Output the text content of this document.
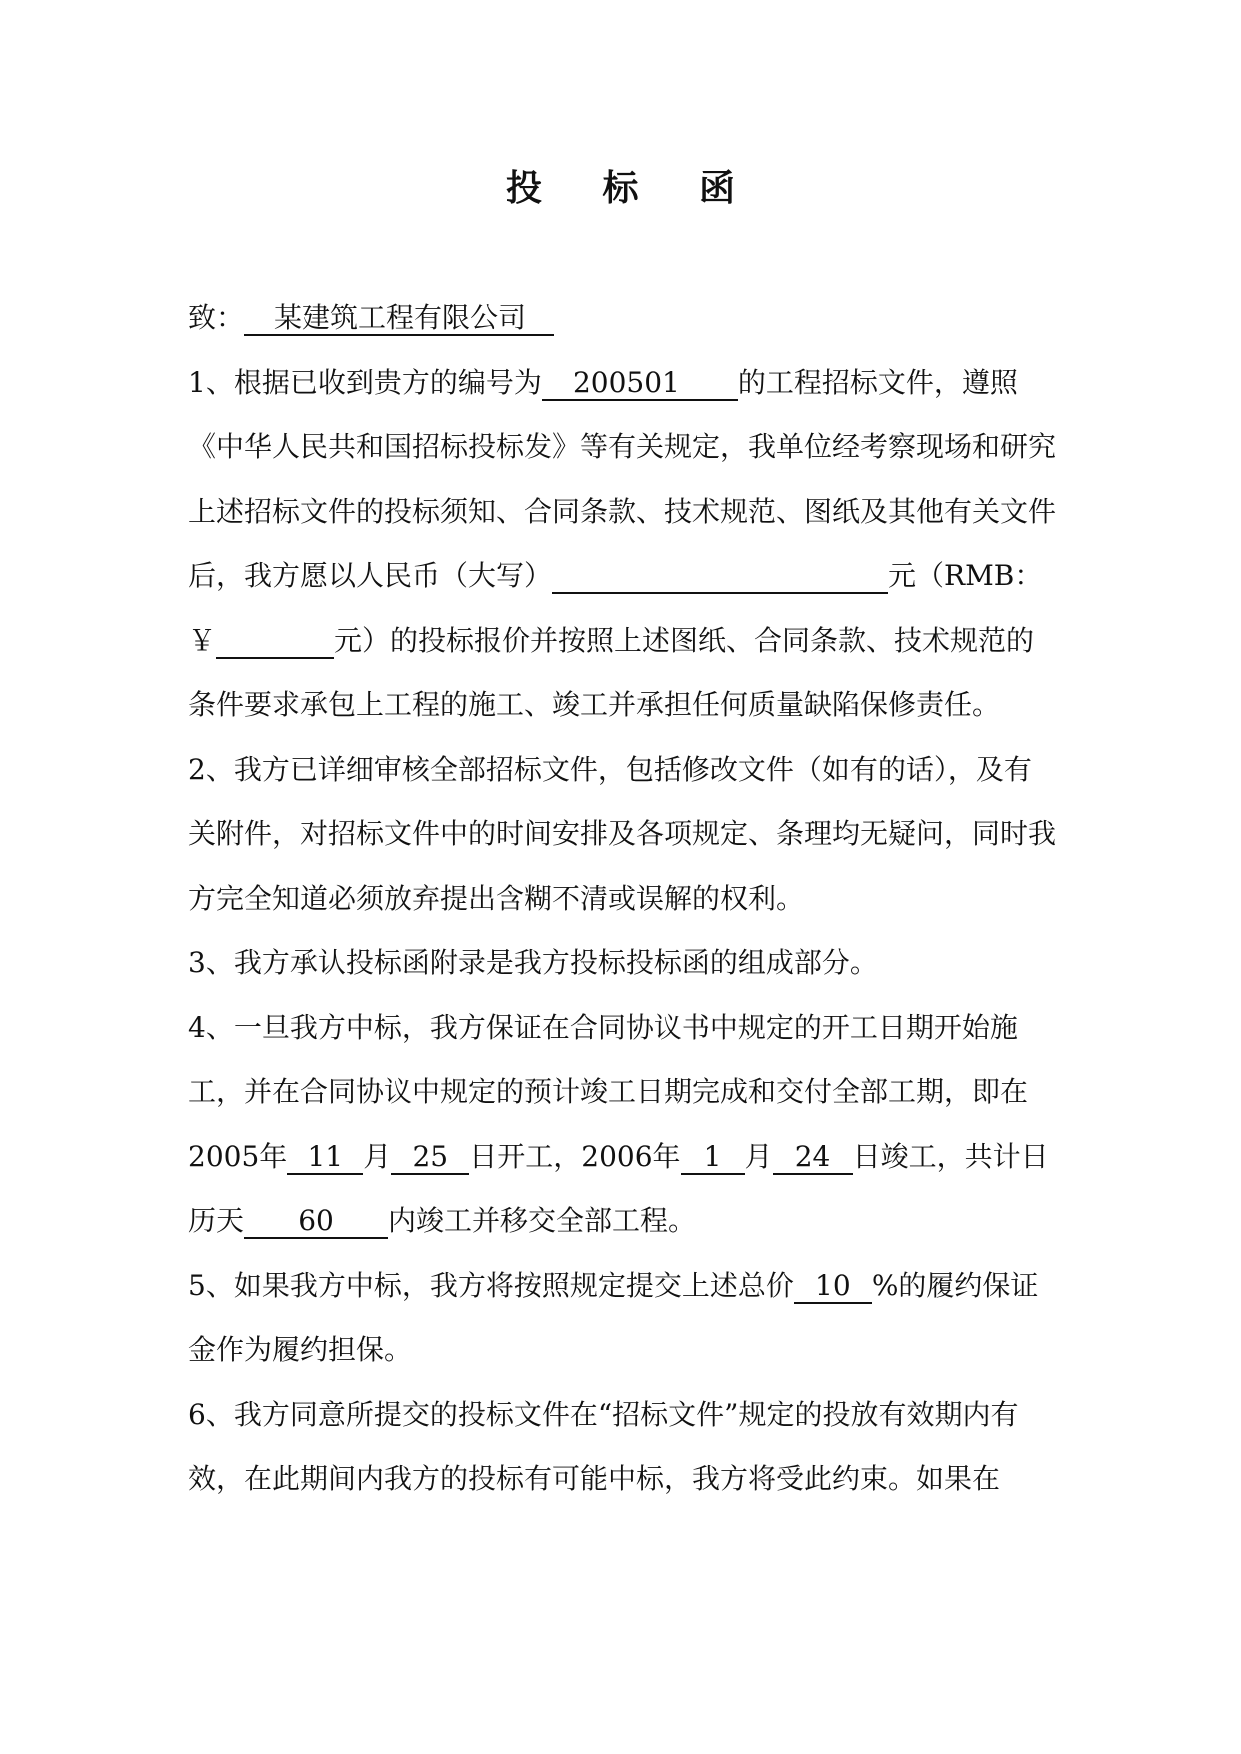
投 标 函

致： 某建筑工程有限公司

1、根据已收到贵方的编号为 200501 的工程招标文件，遵照《中华人民共和国招标投标发》等有关规定，我单位经考察现场和研究上述招标文件的投标须知、合同条款、技术规范、图纸及其他有关文件后，我方愿以人民币（大写）	元（RMB：￥	元）的投标报价并按照上述图纸、合同条款、技术规范的条件要求承包上工程的施工、竣工并承担任何质量缺陷保修责任。

2、我方已详细审核全部招标文件，包括修改文件（如有的话），及有关附件，对招标文件中的时间安排及各项规定、条理均无疑问，同时我方完全知道必须放弃提出含糊不清或误解的权利。

3、我方承认投标函附录是我方投标投标函的组成部分。

4、一旦我方中标，我方保证在合同协议书中规定的开工日期开始施工，并在合同协议中规定的预计竣工日期完成和交付全部工期，即在2005年 11 月 25 日开工，2006年 1 月 24 日竣工，共计日历天 60 内竣工并移交全部工程。

5、如果我方中标，我方将按照规定提交上述总价 10 %的履约保证金作为履约担保。

6、我方同意所提交的投标文件在“招标文件”规定的投放有效期内有效，在此期间内我方的投标有可能中标，我方将受此约束。如果在
